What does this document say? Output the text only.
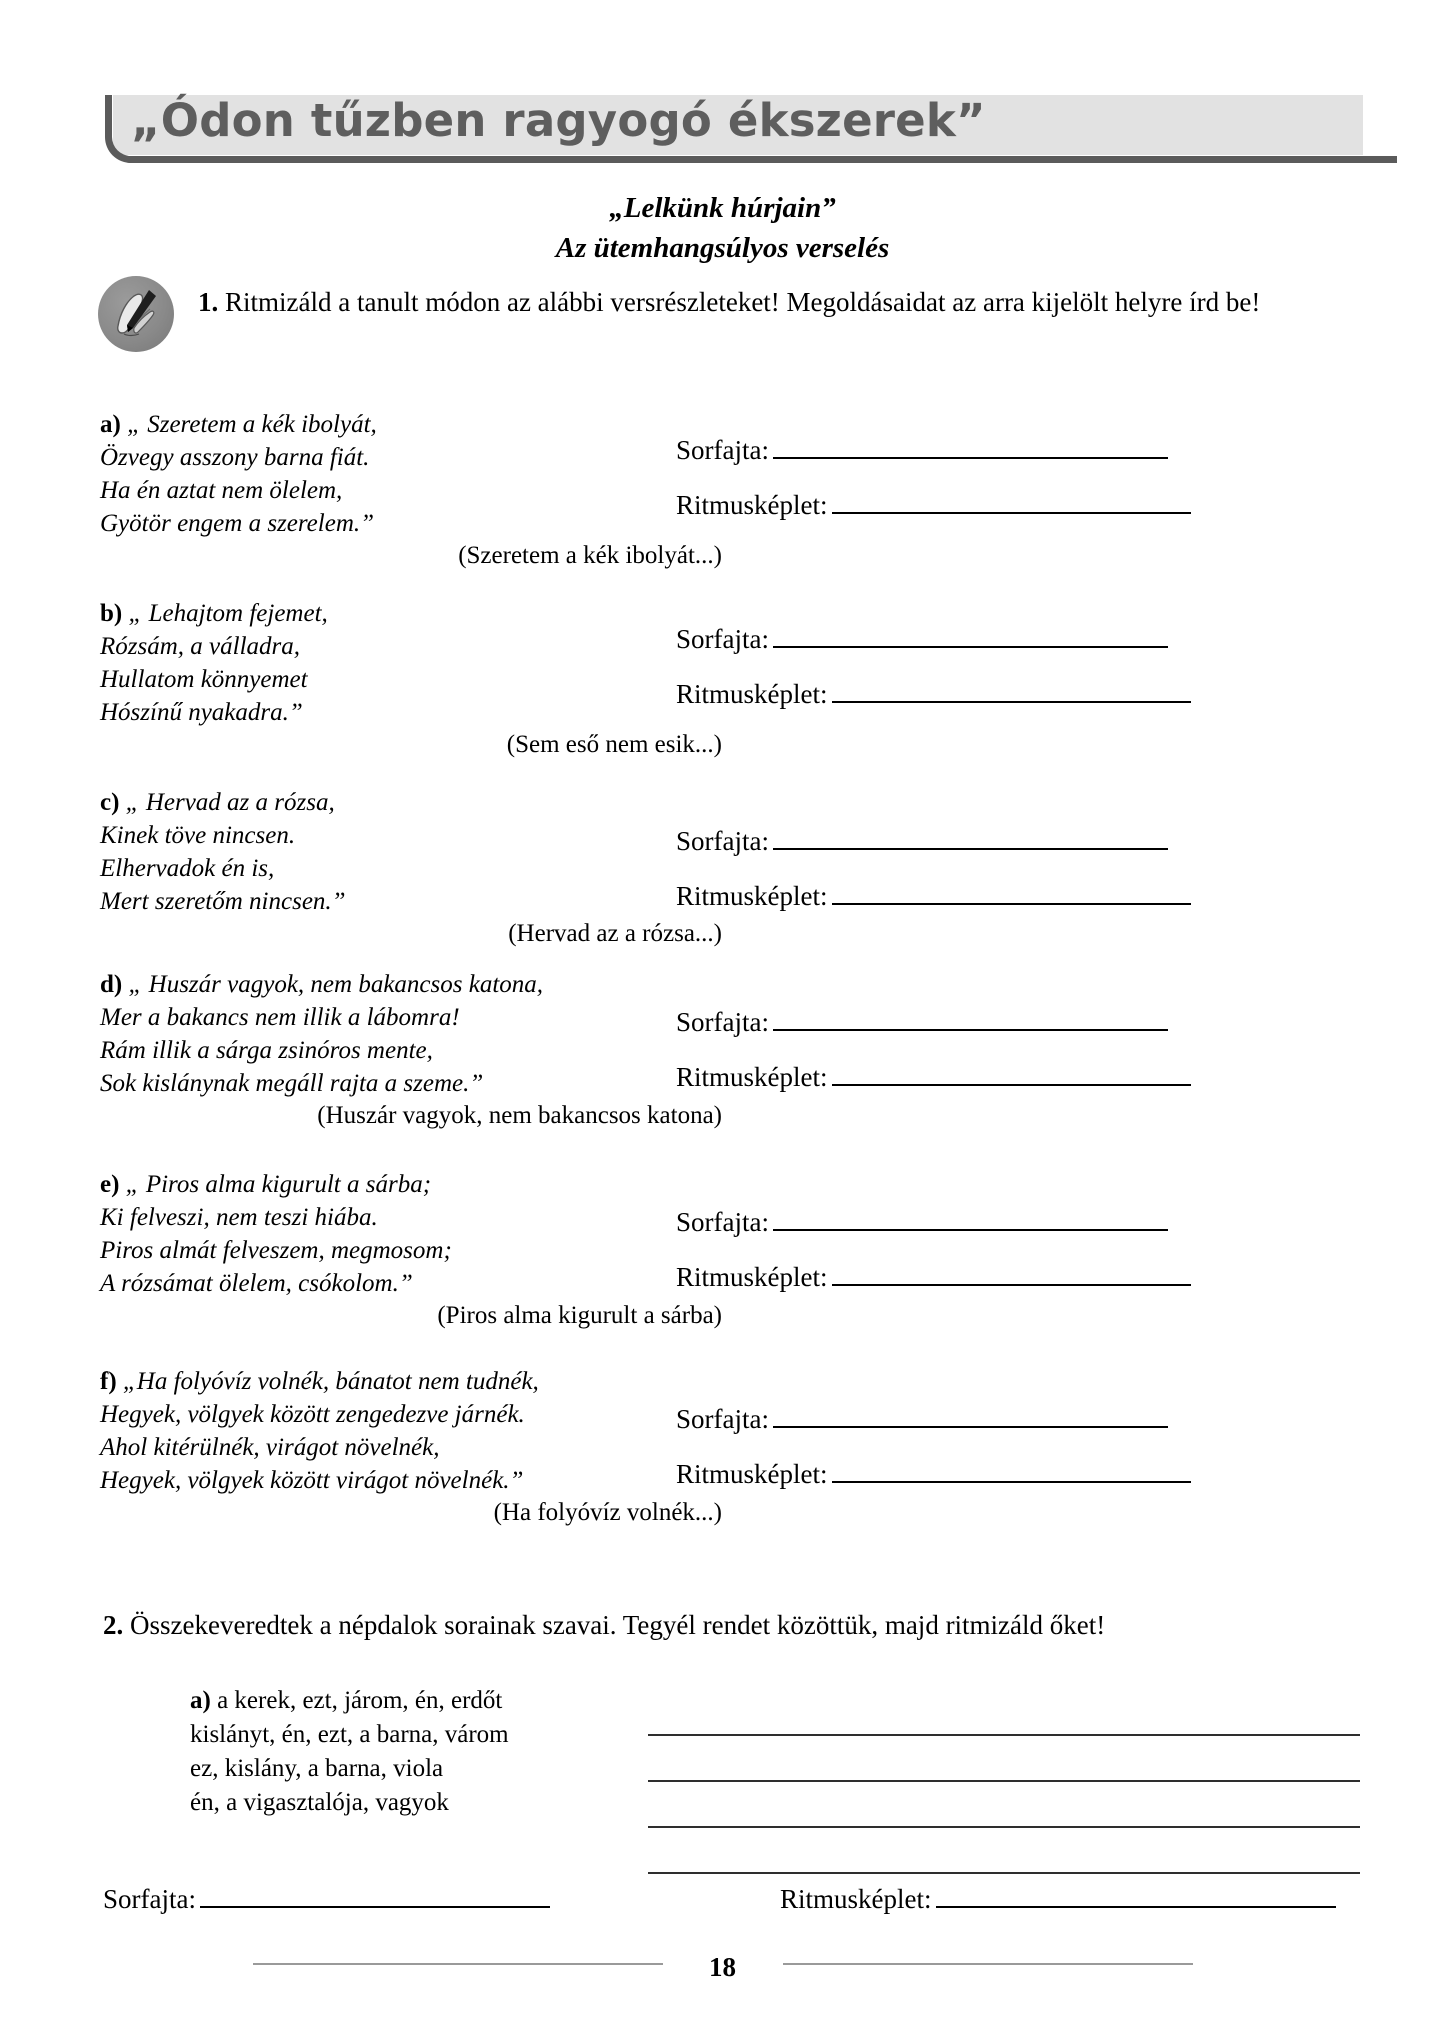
„Ódon tűzben ragyogó ékszerek”
„Lelkünk húrjain”
Az ütemhangsúlyos verselés
1. Ritmizáld a tanult módon az alábbi versrészleteket! Megoldásaidat az arra kijelölt helyre írd be!
a) „ Szeretem a kék ibolyát,
Özvegy asszony barna fiát.
Ha én aztat nem ölelem,
Gyötör engem a szerelem.”
(Szeretem a kék ibolyát...)
Sorfajta:
Ritmusképlet:
b) „ Lehajtom fejemet,
Rózsám, a válladra,
Hullatom könnyemet
Hószínű nyakadra.”
(Sem eső nem esik...)
Sorfajta:
Ritmusképlet:
c) „ Hervad az a rózsa,
Kinek töve nincsen.
Elhervadok én is,
Mert szeretőm nincsen.”
(Hervad az a rózsa...)
Sorfajta:
Ritmusképlet:
d) „ Huszár vagyok, nem bakancsos katona,
Mer a bakancs nem illik a lábomra!
Rám illik a sárga zsinóros mente,
Sok kislánynak megáll rajta a szeme.”
(Huszár vagyok, nem bakancsos katona)
Sorfajta:
Ritmusképlet:
e) „ Piros alma kigurult a sárba;
Ki felveszi, nem teszi hiába.
Piros almát felveszem, megmosom;
A rózsámat ölelem, csókolom.”
(Piros alma kigurult a sárba)
Sorfajta:
Ritmusképlet:
f) „Ha folyóvíz volnék, bánatot nem tudnék,
Hegyek, völgyek között zengedezve járnék.
Ahol kitérülnék, virágot növelnék,
Hegyek, völgyek között virágot növelnék.”
(Ha folyóvíz volnék...)
Sorfajta:
Ritmusképlet:
2. Összekeveredtek a népdalok sorainak szavai. Tegyél rendet közöttük, majd ritmizáld őket!
a) a kerek, ezt, járom, én, erdőt
kislányt, én, ezt, a barna, várom
ez, kislány, a barna, viola
én, a vigasztalója, vagyok
Sorfajta:	Ritmusképlet:
18
